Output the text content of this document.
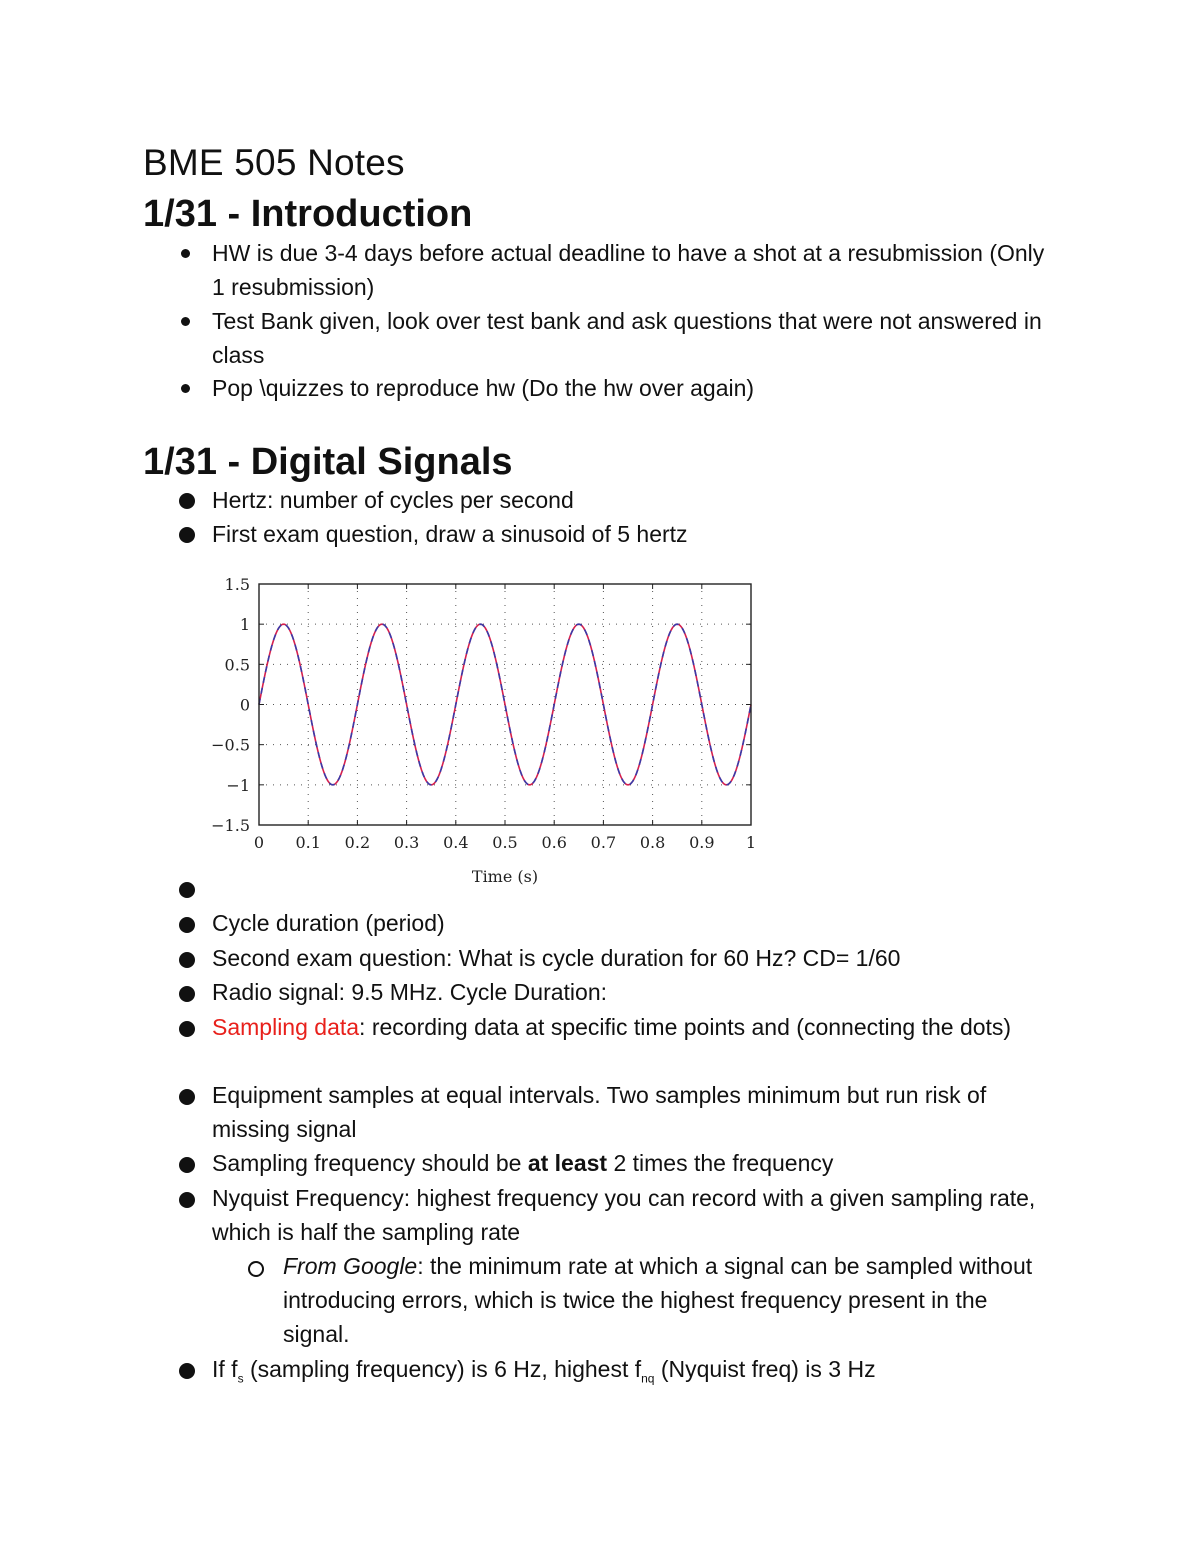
BME 505 Notes
1/31 - Introduction
HW is due 3-4 days before actual deadline to have a shot at a resubmission (Only 1 resubmission)
Test Bank given, look over test bank and ask questions that were not answered in class
Pop \quizzes to reproduce hw (Do the hw over again)
1/31 - Digital Signals
Hertz: number of cycles per second
First exam question, draw a sinusoid of 5 hertz
0 0.1 0.2 0.3 0.4 0.5 0.6 0.7 0.8 0.9 1
1.5
1
0.5
0
−0.5
−1
−1.5
Time (s)
Cycle duration (period)
Second exam question: What is cycle duration for 60 Hz? CD= 1/60
Radio signal: 9.5 MHz. Cycle Duration:
Sampling data: recording data at specific time points and (connecting the dots)
Equipment samples at equal intervals. Two samples minimum but run risk of missing signal
Sampling frequency should be at least 2 times the frequency
Nyquist Frequency: highest frequency you can record with a given sampling rate, which is half the sampling rate
From Google: the minimum rate at which a signal can be sampled without introducing errors, which is twice the highest frequency present in the signal.
If $f_s$ (sampling frequency) is 6 Hz, highest $f_{nq}$ (Nyquist freq) is 3 Hz
